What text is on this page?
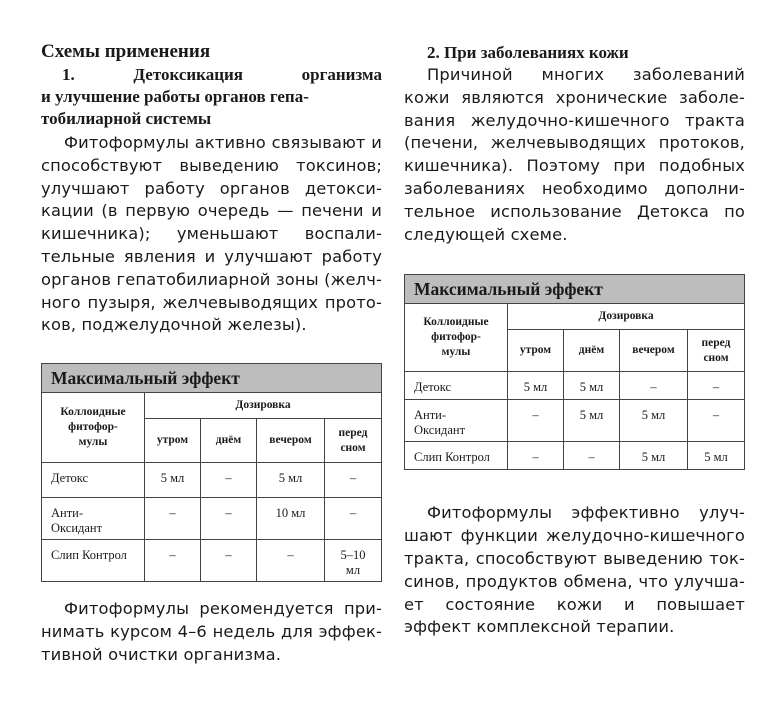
Схемы применения
1.	Детоксикация	организма
и улучшение работы органов гепа-
тобилиарной системы

Фитоформулы активно связывают и способствуют выведению токсинов; улучшают работу органов детокси-кации (в первую очередь — печени и кишечника); уменьшают воспали-тельные явления и улучшают работу органов гепатобилиарной зоны (желч-ного пузыря, желчевыводящих прото-ков, поджелудочной железы).

Максимальный эффект				

Коллоидные
фитофор-
мулы	Дозировка			
	утром	днём	вечером	перед
сном

Детокс	5 мл	–	5 мл	–

Анти-
Оксидант	–	–	10 мл	–

Слип Контрол	–	–	–	5–10
мл

Фитоформулы рекомендуется при-нимать курсом 4–6 недель для эффек-тивной очистки организма.

2. При заболеваниях кожи

Причиной многих заболеваний кожи являются хронические заболе-вания желудочно-кишечного тракта (печени, желчевыводящих протоков, кишечника). Поэтому при подобных заболеваниях необходимо дополни-тельное использование Детокса по следующей схеме.

Максимальный эффект				

Коллоидные
фитофор-
мулы	Дозировка			
	утром	днём	вечером	перед
сном

Детокс	5 мл	5 мл	–	–

Анти-
Оксидант	–	5 мл	5 мл	–

Слип Контрол	–	–	5 мл	5 мл

Фитоформулы эффективно улуч-шают функции желудочно-кишечного тракта, способствуют выведению ток-синов, продуктов обмена, что улучша-ет состояние кожи и повышает эффект комплексной терапии.
